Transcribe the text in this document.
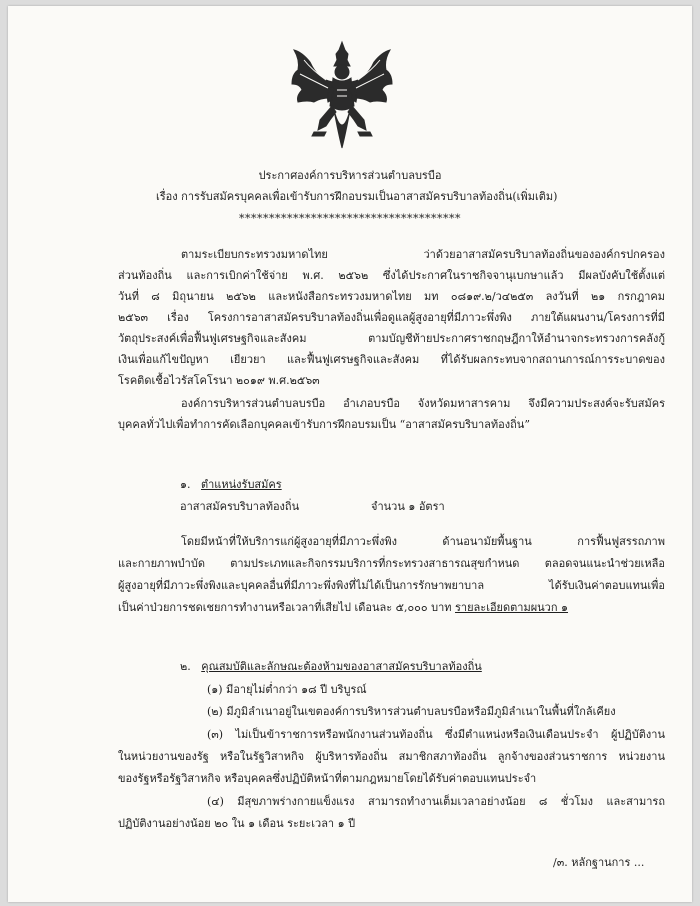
ประกาศองค์การบริหารส่วนตำบลบรบือ
เรื่อง การรับสมัครบุคคลเพื่อเข้ารับการฝึกอบรมเป็นอาสาสมัครบริบาลท้องถิ่น(เพิ่มเติม)
*************************************
ตามระเบียบกระทรวงมหาดไทย ว่าด้วยอาสาสมัครบริบาลท้องถิ่นขององค์กรปกครอง
ส่วนท้องถิ่น และการเบิกค่าใช้จ่าย พ.ศ. ๒๕๖๒ ซึ่งได้ประกาศในราชกิจจานุเบกษาแล้ว มีผลบังคับใช้ตั้งแต่
วันที่ ๘ มิถุนายน ๒๕๖๒ และหนังสือกระทรวงมหาดไทย มท ๐๘๑๙.๒/ว๔๒๕๓ ลงวันที่ ๒๑ กรกฎาคม
๒๕๖๓ เรื่อง โครงการอาสาสมัครบริบาลท้องถิ่นเพื่อดูแลผู้สูงอายุที่มีภาวะพึ่งพิง ภายใต้แผนงาน/โครงการที่มี
วัตถุประสงค์เพื่อฟื้นฟูเศรษฐกิจและสังคม ตามบัญชีท้ายประกาศราชกฤษฎีกาให้อำนาจกระทรวงการคลังกู้
เงินเพื่อแก้ไขปัญหา เยียวยา และฟื้นฟูเศรษฐกิจและสังคม ที่ได้รับผลกระทบจากสถานการณ์การระบาดของ
โรคติดเชื้อไวรัสโคโรนา ๒๐๑๙ พ.ศ.๒๕๖๓
องค์การบริหารส่วนตำบลบรบือ อำเภอบรบือ จังหวัดมหาสารคาม จึงมีความประสงค์จะรับสมัคร
บุคคลทั่วไปเพื่อทำการคัดเลือกบุคคลเข้ารับการฝึกอบรมเป็น “อาสาสมัครบริบาลท้องถิ่น”
๑. ตำแหน่งรับสมัคร
อาสาสมัครบริบาลท้องถิ่น	จำนวน ๑ อัตรา
โดยมีหน้าที่ให้บริการแก่ผู้สูงอายุที่มีภาวะพึ่งพิง ด้านอนามัยพื้นฐาน การฟื้นฟูสรรถภาพ
และกายภาพบำบัด ตามประเภทและกิจกรรมบริการที่กระทรวงสาธารณสุขกำหนด ตลอดจนแนะนำช่วยเหลือ
ผู้สูงอายุที่มีภาวะพึ่งพิงและบุคคลอื่นที่มีภาวะพึ่งพิงที่ไม่ได้เป็นการรักษาพยาบาล ได้รับเงินค่าตอบแทนเพื่อ
เป็นค่าป่วยการชดเชยการทำงานหรือเวลาที่เสียไป เดือนละ ๕,๐๐๐ บาท รายละเอียดตามผนวก ๑
๒. คุณสมบัติและลักษณะต้องห้ามของอาสาสมัครบริบาลท้องถิ่น
(๑) มีอายุไม่ต่ำกว่า ๑๘ ปี บริบูรณ์
(๒) มีภูมิลำเนาอยู่ในเขตองค์การบริหารส่วนตำบลบรบือหรือมีภูมิลำเนาในพื้นที่ใกล้เคียง
(๓) ไม่เป็นข้าราชการหรือพนักงานส่วนท้องถิ่น ซึ่งมีตำแหน่งหรือเงินเดือนประจำ ผู้ปฏิบัติงาน
ในหน่วยงานของรัฐ หรือในรัฐวิสาหกิจ ผู้บริหารท้องถิ่น สมาชิกสภาท้องถิ่น ลูกจ้างของส่วนราชการ หน่วยงาน
ของรัฐหรือรัฐวิสาหกิจ หรือบุคคลซึ่งปฏิบัติหน้าที่ตามกฎหมายโดยได้รับค่าตอบแทนประจำ
(๔) มีสุขภาพร่างกายแข็งแรง สามารถทำงานเต็มเวลาอย่างน้อย ๘ ชั่วโมง และสามารถ
ปฏิบัติงานอย่างน้อย ๒๐ ใน ๑ เดือน ระยะเวลา ๑ ปี
/๓. หลักฐานการ ...
